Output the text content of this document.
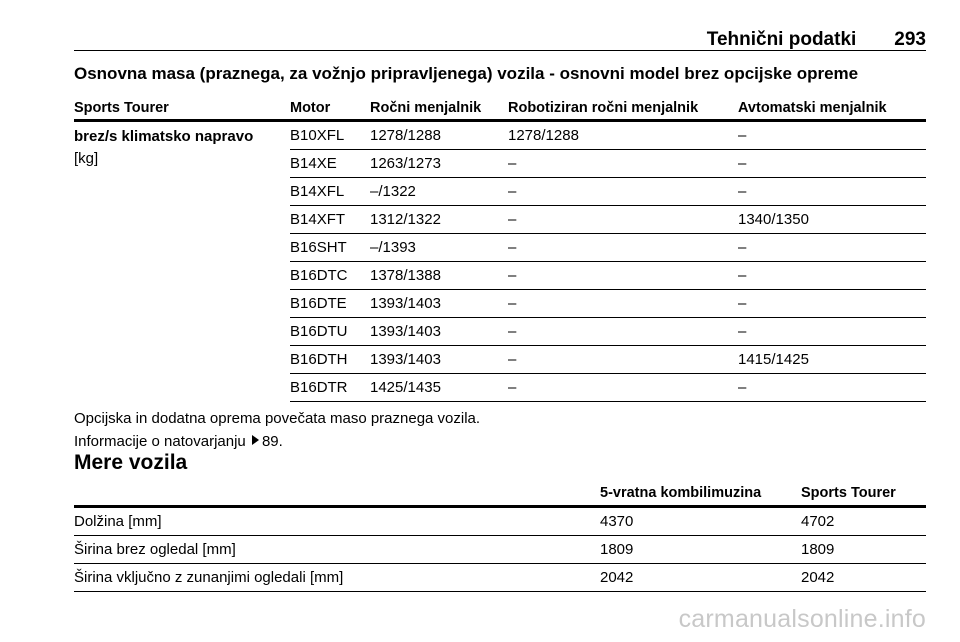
Tehnični podatki 293
Osnovna masa (praznega, za vožnjo pripravljenega) vozila - osnovni model brez opcijske opreme
Sports Tourer	Motor	Ročni menjalnik	Robotiziran ročni menjalnik	Avtomatski menjalnik

brez/s klimatsko napravo
[kg]	B10XFL	1278/1288	1278/1288	–
	B14XE	1263/1273	–	–
	B14XFL	–/1322	–	–
	B14XFT	1312/1322	–	1340/1350
	B16SHT	–/1393	–	–
	B16DTC	1378/1388	–	–
	B16DTE	1393/1403	–	–
	B16DTU	1393/1403	–	–
	B16DTH	1393/1403	–	1415/1425
	B16DTR	1425/1435	–	–
Opcijska in dodatna oprema povečata maso praznega vozila.
Informacije o natovarjanju 89.
Mere vozila
	5-vratna kombilimuzina	Sports Tourer
Dolžina [mm]	4370	4702
Širina brez ogledal [mm]	1809	1809
Širina vključno z zunanjimi ogledali [mm]	2042	2042
carmanualsonline.info
